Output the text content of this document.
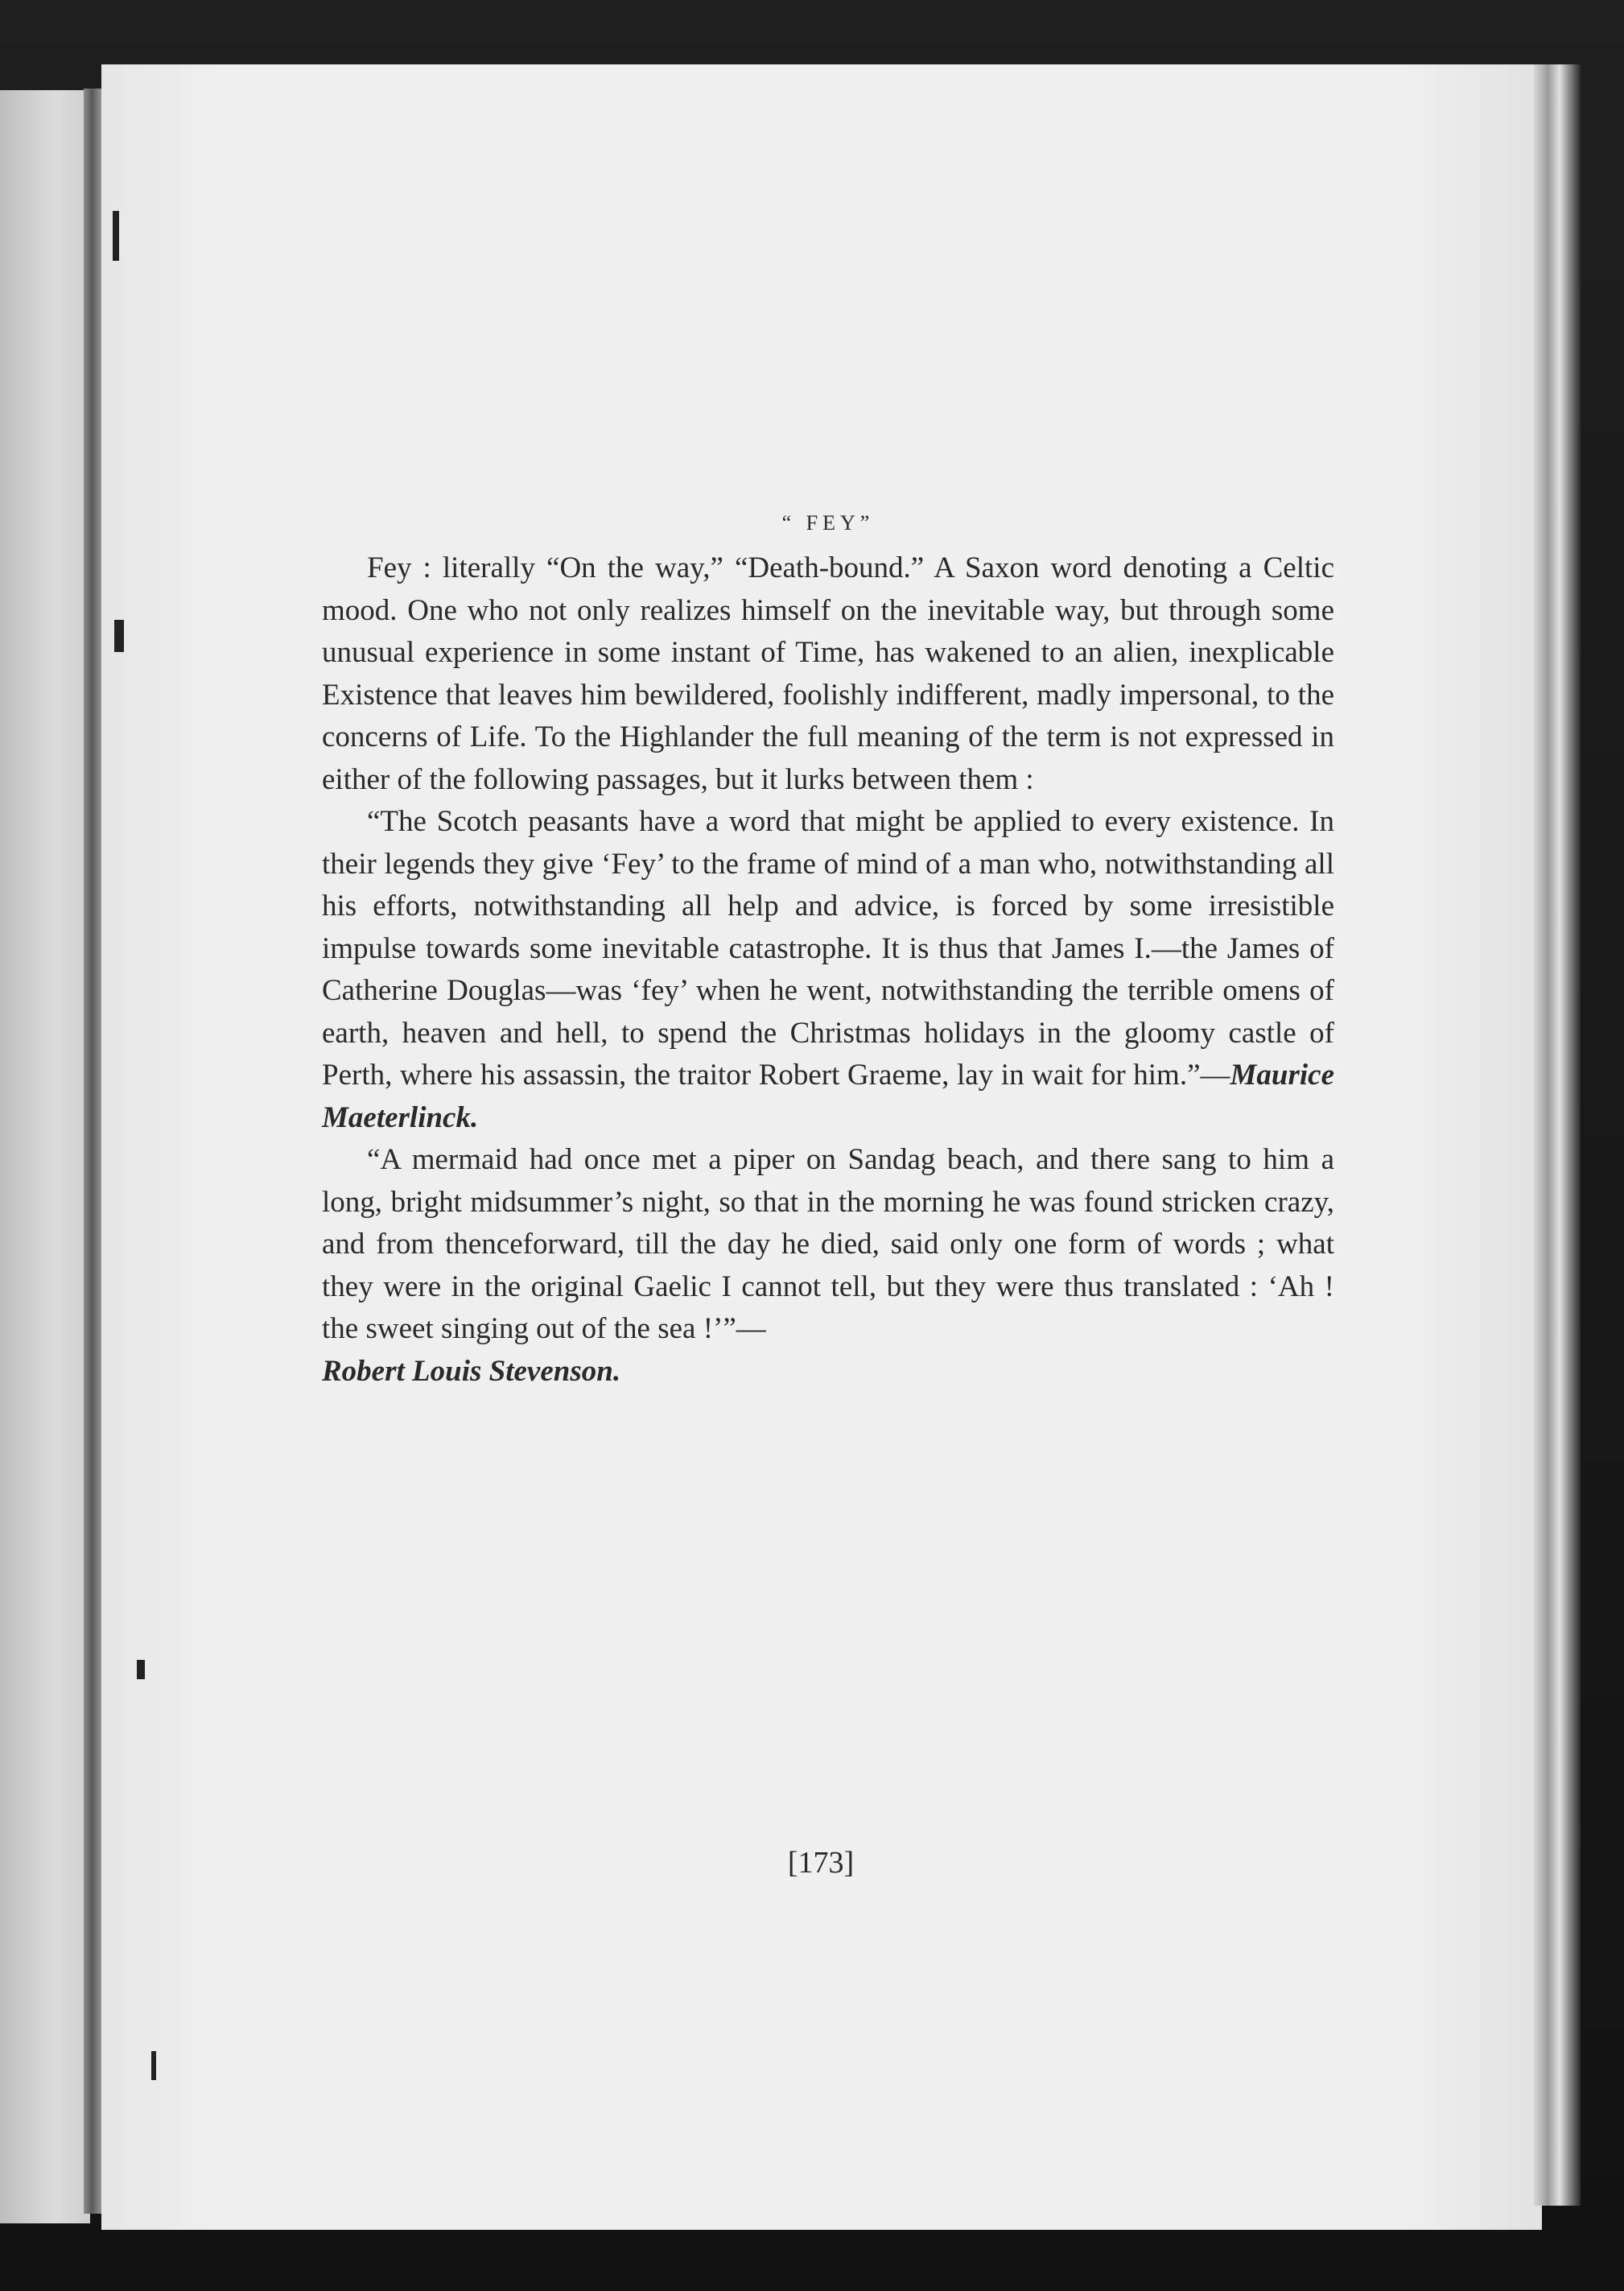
“ FEY”

Fey : literally “On the way,” “Death-bound.” A Saxon word denoting a Celtic mood. One who not only realizes himself on the inevitable way, but through some unusual experience in some instant of Time, has wakened to an alien, inexplicable Existence that leaves him bewildered, foolishly indifferent, madly impersonal, to the concerns of Life. To the Highlander the full meaning of the term is not expressed in either of the following passages, but it lurks between them :

“The Scotch peasants have a word that might be applied to every existence. In their legends they give ‘Fey’ to the frame of mind of a man who, notwithstanding all his efforts, notwithstanding all help and advice, is forced by some irresistible impulse towards some inevitable catastrophe. It is thus that James I.—the James of Catherine Douglas—was ‘fey’ when he went, notwithstanding the terrible omens of earth, heaven and hell, to spend the Christmas holidays in the gloomy castle of Perth, where his assassin, the traitor Robert Graeme, lay in wait for him.”—Maurice Maeterlinck.

“A mermaid had once met a piper on Sandag beach, and there sang to him a long, bright midsummer’s night, so that in the morning he was found stricken crazy, and from thenceforward, till the day he died, said only one form of words ; what they were in the original Gaelic I cannot tell, but they were thus translated : ‘Ah ! the sweet singing out of the sea !’”—
Robert Louis Stevenson.

[173]
